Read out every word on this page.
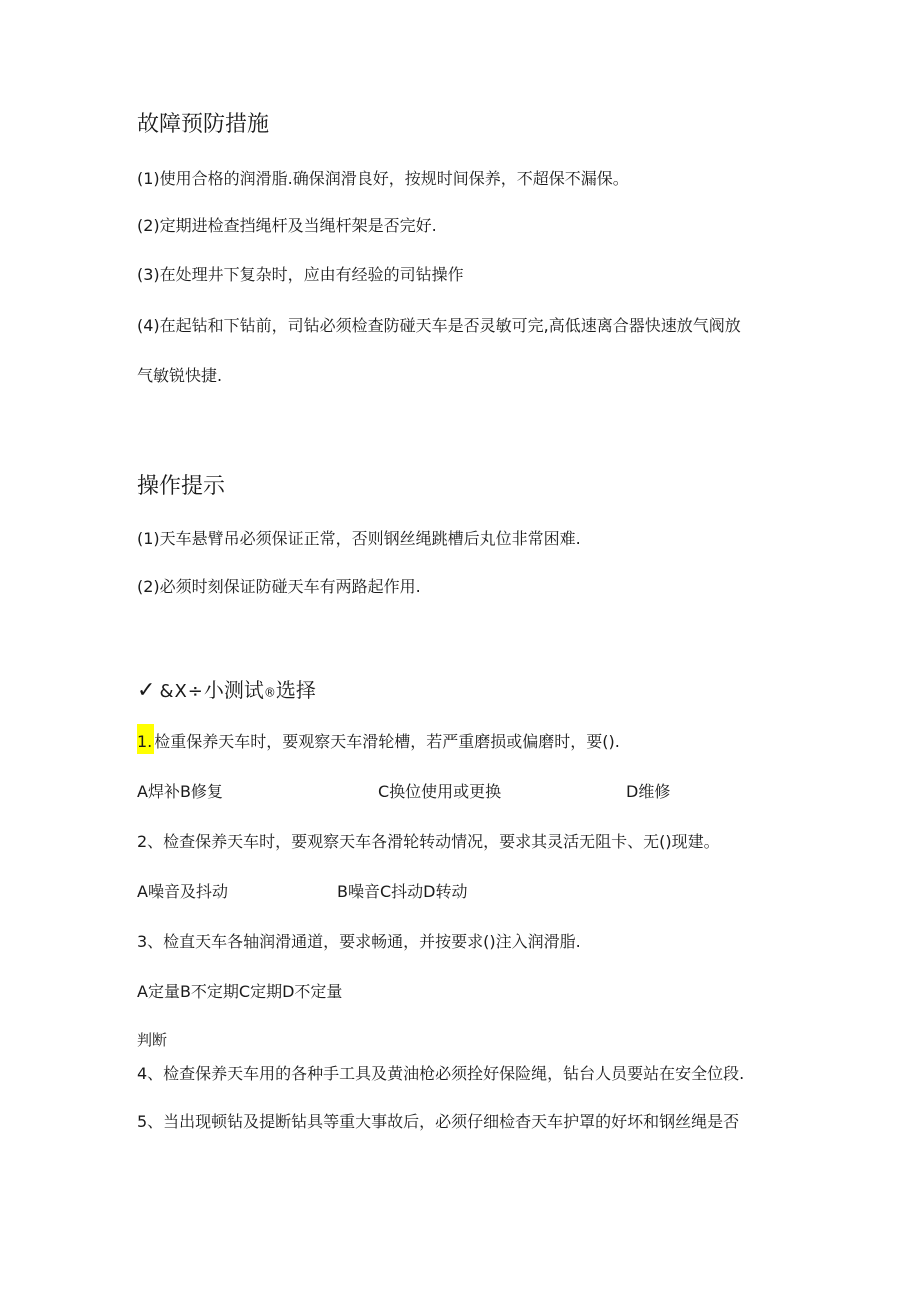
故障预防措施
(1)使用合格的润滑脂.确保润滑良好，按规时间保养，不超保不漏保。
(2)定期进检查挡绳杆及当绳杆架是否完好.
(3)在处理井下复杂时，应由有经验的司钻操作
(4)在起钻和下钻前，司钻必须检查防碰天车是否灵敏可完,高低速离合器快速放气阀放
气敏锐快捷.
操作提示
(1)天车悬臂吊必须保证正常，否则钢丝绳跳槽后丸位非常困难.
(2)必须时刻保证防碰天车有两路起作用.
✓ &X÷小测试®选择
1. 检重保养天车时，要观察天车滑轮槽，若严重磨损或偏磨时，要().
A焊补B修复	C换位使用或更换	D维修
2、检查保养天车时，要观察天车各滑轮转动情况，要求其灵活无阻卡、无()现建。
A噪音及抖动	B噪音C抖动D转动
3、检直天车各轴润滑通道，要求畅通，并按要求()注入润滑脂.
A定量B不定期C定期D不定量
判断
4、检查保养天车用的各种手工具及黄油枪必须拴好保险绳，钻台人员要站在安全位段.
5、当出现顿钻及提断钻具等重大事故后，必须仔细检杳天车护罩的好坏和钢丝绳是否
